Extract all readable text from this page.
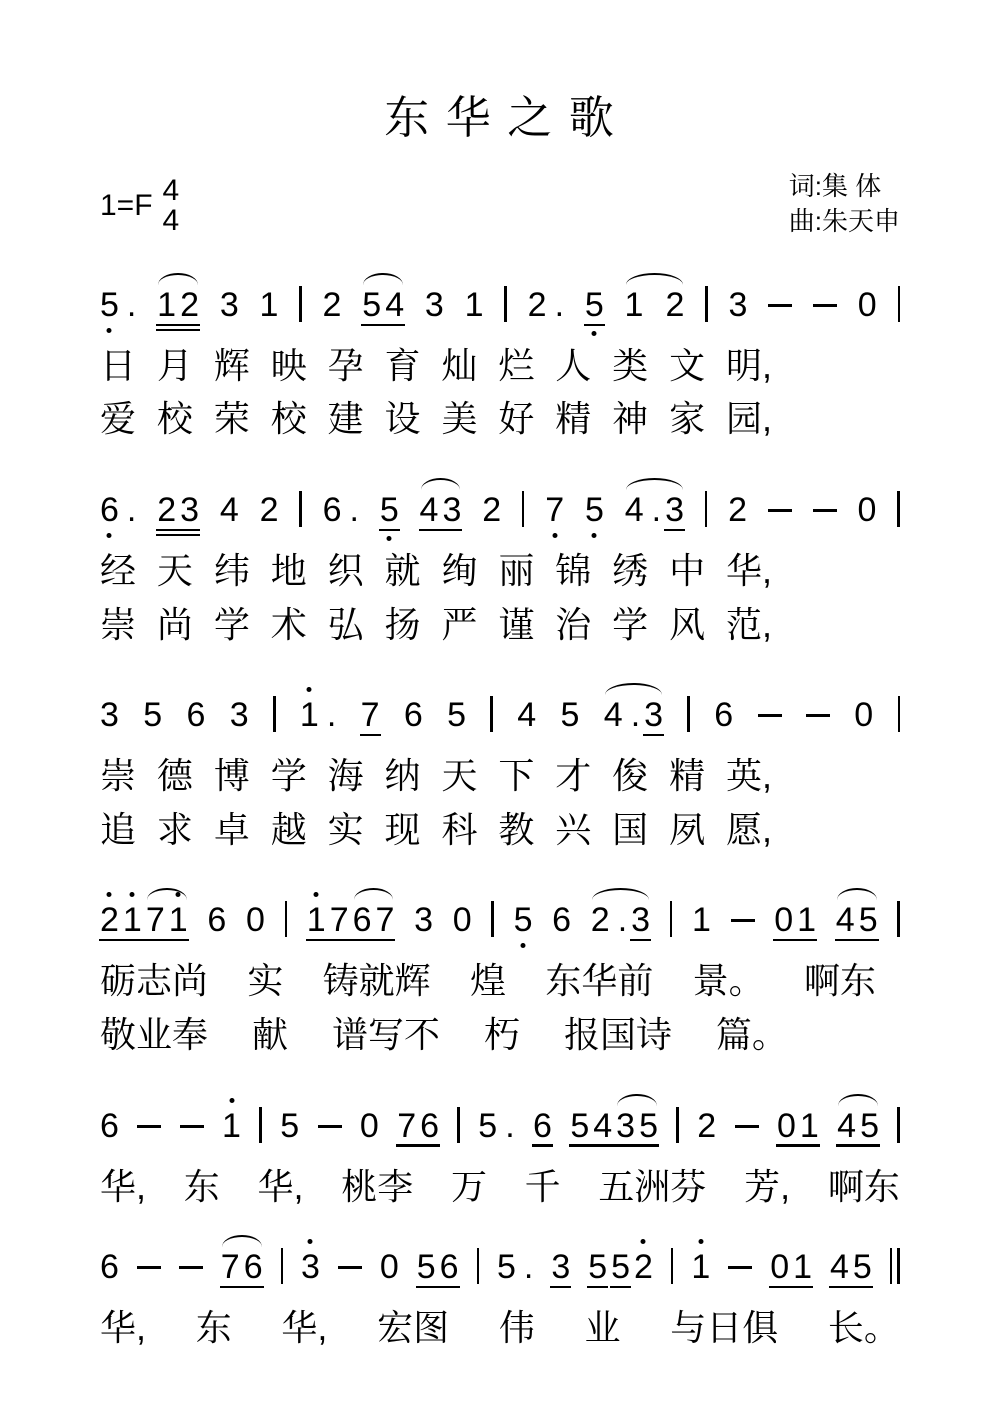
东 华 之 歌
1=F 4
4
词:集 体
曲:朱天申
5 . 1 2 3 1 2 5 4 3 1 2 . 5 1 2 3	0
日 月 辉 映 孕 育 灿 烂 人 类 文 明,
爱 校 荣 校 建 设 美 好 精 神 家 园,
6 . 2 3 4 2 6 . 5 4 3 2 7 5 4 . 3 2	0
经 天 纬 地 织 就 绚 丽 锦 绣 中 华,
崇 尚 学 术 弘 扬 严 谨 治 学 风 范,
3 5 6 3 1 . 7 6 5 4 5 4 . 3 6	0
崇 德 博 学 海 纳 天 下 才 俊 精 英,
追 求 卓 越 实 现 科 教 兴 国 夙 愿,
2 1 7 1 6 0 1 7 6 7 3 0 5 6 2 . 3 1 0 1 4 5
砺志尚 实 铸就辉 煌 东华前 景。 啊东
敬业奉 献 谱写不 朽 报国诗 篇。
6	1 5 0 7 6 5 . 6 5 4 3 5 2 0 1 4 5
华, 东 华, 桃李 万 千 五洲芬 芳, 啊东
6	7 6 3 0 5 6 5 . 3 5 5 2 1 0 1 4 5
华, 东 华, 宏图 伟 业 与日俱 长。
